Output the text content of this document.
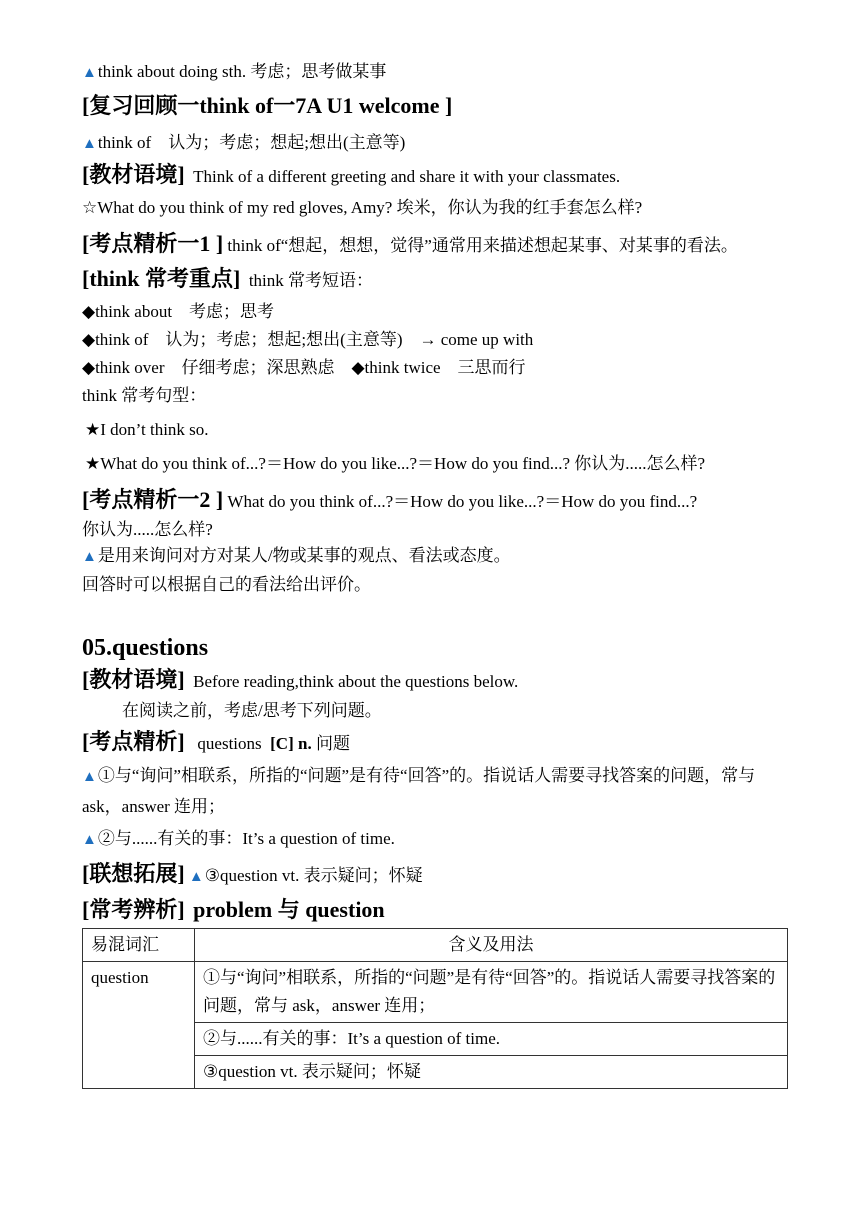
▲think about doing sth. 考虑；思考做某事
[复习回顾一think of一7A U1 welcome ]
▲think of　认为；考虑；想起;想出(主意等)
[教材语境] Think of a different greeting and share it with your classmates.
☆What do you think of my red gloves, Amy? 埃米，你认为我的红手套怎么样?
[考点精析一1 ] think of“想起，想想，觉得”通常用来描述想起某事、对某事的看法。
[think 常考重点] think 常考短语：
◆think about　考虑；思考
◆think of　认为；考虑；想起;想出(主意等)　→ come up with
◆think over　仔细考虑；深思熟虑　◆think twice　三思而行
think 常考句型：
★I don’t think so.
★What do you think of...?＝How do you like...?＝How do you find...? 你认为.....怎么样?
[考点精析一2 ] What do you think of...?＝How do you like...?＝How do you find...?
你认为.....怎么样?
▲是用来询问对方对某人/物或某事的观点、看法或态度。
回答时可以根据自己的看法给出评价。
05.questions
[教材语境] Before reading,think about the questions below.
在阅读之前，考虑/思考下列问题。
[考点精析] questions [C] n. 问题
▲①与“询问”相联系，所指的“问题”是有待“回答”的。指说话人需要寻找答案的问题，常与 ask，answer 连用；
▲②与......有关的事：It’s a question of time.
[联想拓展] ▲③question vt. 表示疑问；怀疑
[常考辨析] problem 与 question
易混词汇	含义及用法
question	①与“询问”相联系，所指的“问题”是有待“回答”的。指说话人需要寻找答案的问题，常与 ask，answer 连用；
	②与......有关的事：It’s a question of time.
	③question vt. 表示疑问；怀疑
